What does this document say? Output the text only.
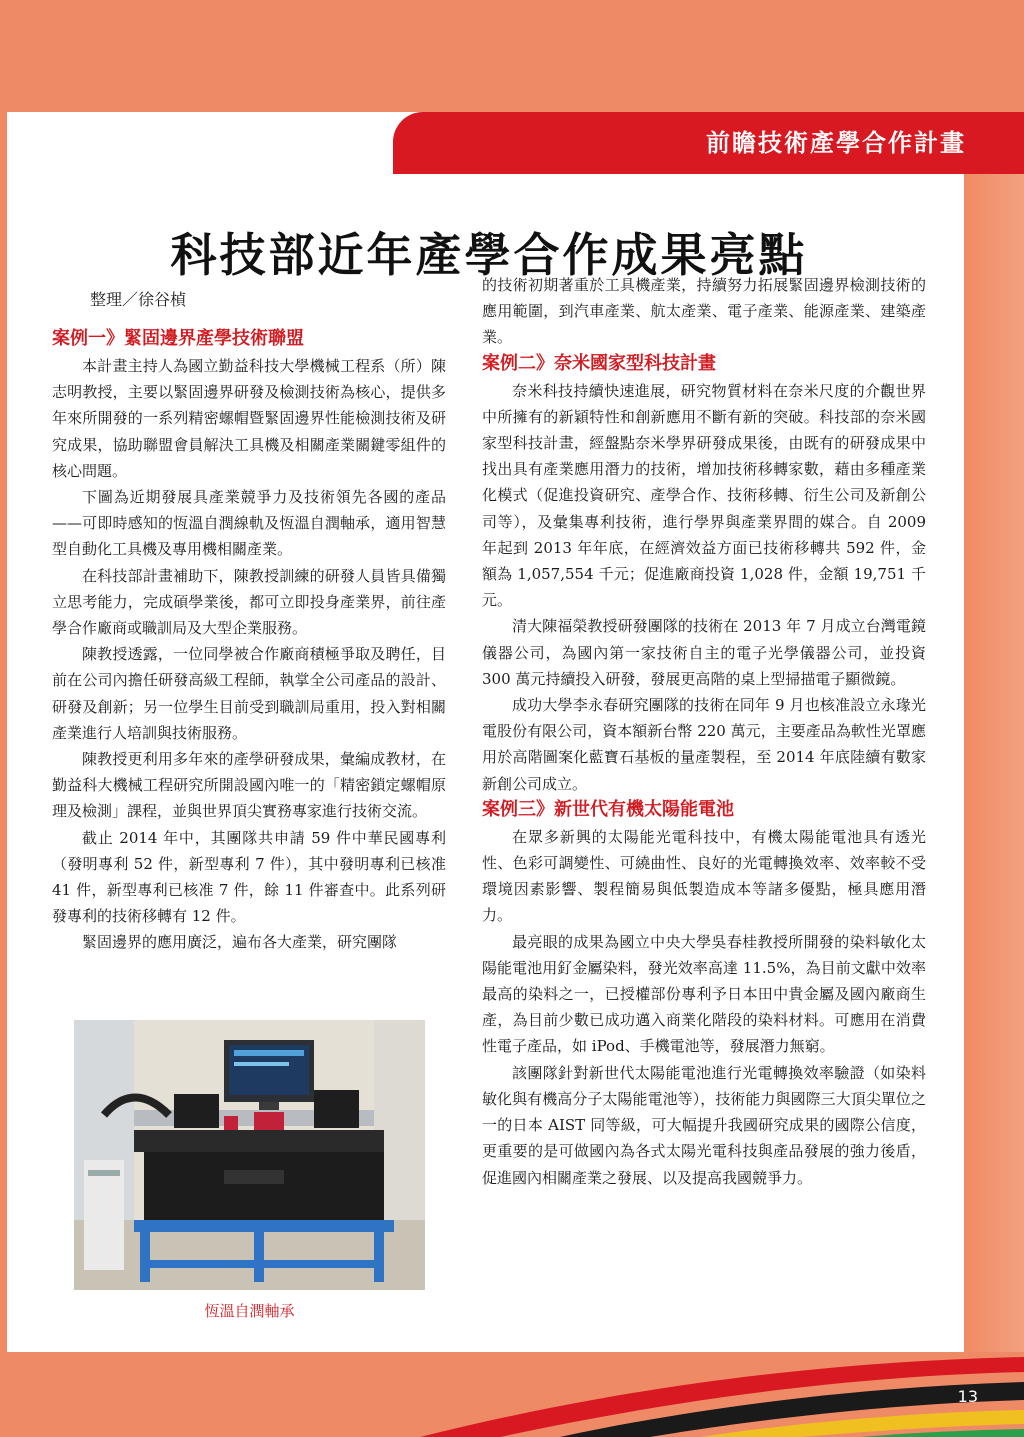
前瞻技術產學合作計畫
科技部近年產學合作成果亮點
整理／徐谷楨
案例一》緊固邊界產學技術聯盟

本計畫主持人為國立勤益科技大學機械工程系（所）陳志明教授，主要以緊固邊界研發及檢測技術為核心，提供多年來所開發的一系列精密螺帽暨緊固邊界性能檢測技術及研究成果，協助聯盟會員解決工具機及相關產業關鍵零組件的核心問題。

下圖為近期發展具產業競爭力及技術領先各國的產品——可即時感知的恆溫自潤線軌及恆溫自潤軸承，適用智慧型自動化工具機及專用機相關產業。

在科技部計畫補助下，陳教授訓練的研發人員皆具備獨立思考能力，完成碩學業後，都可立即投身產業界，前往產學合作廠商或職訓局及大型企業服務。

陳教授透露，一位同學被合作廠商積極爭取及聘任，目前在公司內擔任研發高級工程師，執掌全公司產品的設計、研發及創新；另一位學生目前受到職訓局重用，投入對相關產業進行人培訓與技術服務。

陳教授更利用多年來的產學研發成果，彙編成教材，在勤益科大機械工程研究所開設國內唯一的「精密鎖定螺帽原理及檢測」課程，並與世界頂尖實務專家進行技術交流。

截止 2014 年中，其團隊共申請 59 件中華民國專利（發明專利 52 件，新型專利 7 件），其中發明專利已核准 41 件，新型專利已核准 7 件，餘 11 件審查中。此系列研發專利的技術移轉有 12 件。

緊固邊界的應用廣泛，遍布各大產業，研究團隊

恆溫自潤軸承

的技術初期著重於工具機產業，持續努力拓展緊固邊界檢測技術的應用範圍，到汽車產業、航太產業、電子產業、能源產業、建築產業。

案例二》奈米國家型科技計畫

奈米科技持續快速進展，研究物質材料在奈米尺度的介觀世界中所擁有的新穎特性和創新應用不斷有新的突破。科技部的奈米國家型科技計畫，經盤點奈米學界研發成果後，由既有的研發成果中找出具有產業應用潛力的技術，增加技術移轉家數，藉由多種產業化模式（促進投資研究、產學合作、技術移轉、衍生公司及新創公司等），及彙集專利技術，進行學界與產業界間的媒合。自 2009 年起到 2013 年年底，在經濟效益方面已技術移轉共 592 件，金額為 1,057,554 千元；促進廠商投資 1,028 件，金額 19,751 千元。

清大陳福榮教授研發團隊的技術在 2013 年 7 月成立台灣電鏡儀器公司，為國內第一家技術自主的電子光學儀器公司，並投資 300 萬元持續投入研發，發展更高階的桌上型掃描電子顯微鏡。

成功大學李永春研究團隊的技術在同年 9 月也核准設立永瑑光電股份有限公司，資本額新台幣 220 萬元，主要產品為軟性光罩應用於高階圖案化藍寶石基板的量產製程，至 2014 年底陸續有數家新創公司成立。

案例三》新世代有機太陽能電池

在眾多新興的太陽能光電科技中，有機太陽能電池具有透光性、色彩可調變性、可繞曲性、良好的光電轉換效率、效率較不受環境因素影響、製程簡易與低製造成本等諸多優點，極具應用潛力。

最亮眼的成果為國立中央大學吳春桂教授所開發的染料敏化太陽能電池用釕金屬染料，發光效率高達 11.5%，為目前文獻中效率最高的染料之一，已授權部份專利予日本田中貴金屬及國內廠商生產，為目前少數已成功邁入商業化階段的染料材料。可應用在消費性電子產品，如 iPod、手機電池等，發展潛力無窮。

該團隊針對新世代太陽能電池進行光電轉換效率驗證（如染料敏化與有機高分子太陽能電池等），技術能力與國際三大頂尖單位之一的日本 AIST 同等級，可大幅提升我國研究成果的國際公信度，更重要的是可做國內為各式太陽光電科技與產品發展的強力後盾，促進國內相關產業之發展、以及提高我國競爭力。

13
